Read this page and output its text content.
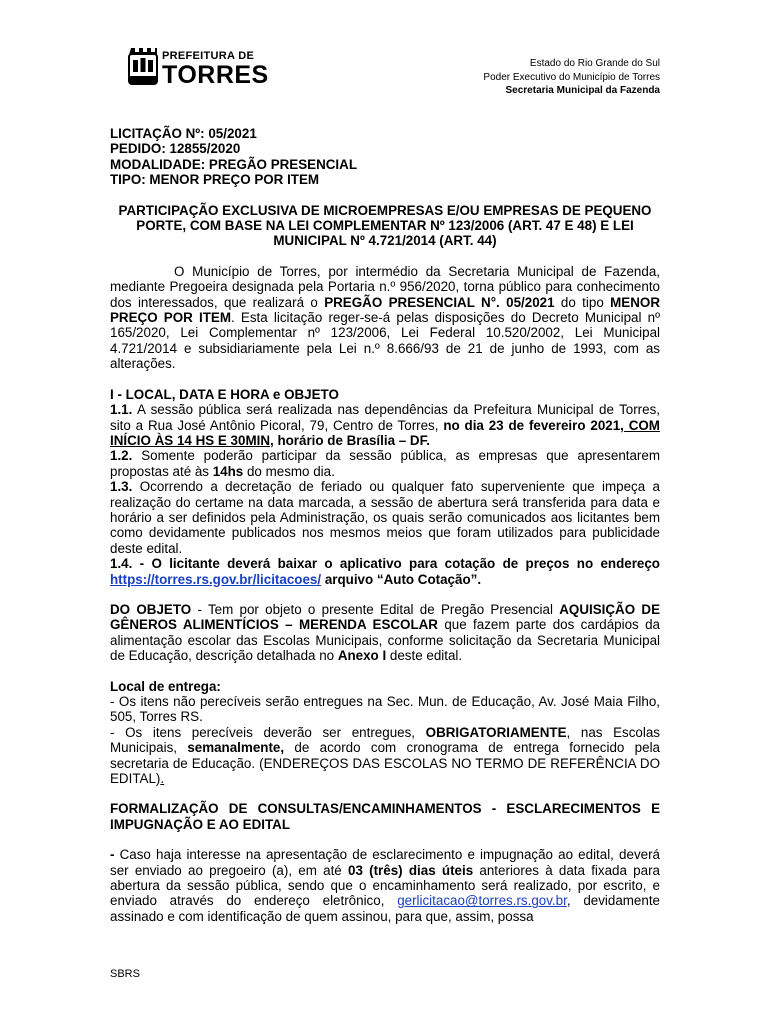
PREFEITURA DE
TORRES	Estado do Rio Grande do Sul
Poder Executivo do Município de Torres
Secretaria Municipal da Fazenda

LICITAÇÃO Nº: 05/2021

PEDIDO: 12855/2020

MODALIDADE: PREGÃO PRESENCIAL

TIPO: MENOR PREÇO POR ITEM

PARTICIPAÇÃO EXCLUSIVA DE MICROEMPRESAS E/OU EMPRESAS DE PEQUENO PORTE, COM BASE NA LEI COMPLEMENTAR Nº 123/2006 (ART. 47 E 48) E LEI MUNICIPAL Nº 4.721/2014 (ART. 44)

O Município de Torres, por intermédio da Secretaria Municipal de Fazenda, mediante Pregoeira designada pela Portaria n.º 956/2020, torna público para conhecimento dos interessados, que realizará o PREGÃO PRESENCIAL N°. 05/2021 do tipo MENOR PREÇO POR ITEM. Esta licitação reger-se-á pelas disposições do Decreto Municipal nº 165/2020, Lei Complementar nº 123/2006, Lei Federal 10.520/2002, Lei Municipal 4.721/2014 e subsidiariamente pela Lei n.º 8.666/93 de 21 de junho de 1993, com as alterações.

I - LOCAL, DATA E HORA e OBJETO

1.1. A sessão pública será realizada nas dependências da Prefeitura Municipal de Torres, sito a Rua José Antônio Picoral, 79, Centro de Torres, no dia 23 de fevereiro 2021, COM INÍCIO ÀS 14 HS E 30MIN, horário de Brasília – DF.

1.2. Somente poderão participar da sessão pública, as empresas que apresentarem propostas até às 14hs do mesmo dia.

1.3. Ocorrendo a decretação de feriado ou qualquer fato superveniente que impeça a realização do certame na data marcada, a sessão de abertura será transferida para data e horário a ser definidos pela Administração, os quais serão comunicados aos licitantes bem como devidamente publicados nos mesmos meios que foram utilizados para publicidade deste edital.

1.4. - O licitante deverá baixar o aplicativo para cotação de preços no endereço https://torres.rs.gov.br/licitacoes/ arquivo “Auto Cotação”.

DO OBJETO - Tem por objeto o presente Edital de Pregão Presencial AQUISIÇÃO DE GÊNEROS ALIMENTÍCIOS – MERENDA ESCOLAR que fazem parte dos cardápios da alimentação escolar das Escolas Municipais, conforme solicitação da Secretaria Municipal de Educação, descrição detalhada no Anexo I deste edital.

Local de entrega:

- Os itens não perecíveis serão entregues na Sec. Mun. de Educação, Av. José Maia Filho, 505, Torres RS.

- Os itens perecíveis deverão ser entregues, OBRIGATORIAMENTE, nas Escolas Municipais, semanalmente, de acordo com cronograma de entrega fornecido pela secretaria de Educação. (ENDEREÇOS DAS ESCOLAS NO TERMO DE REFERÊNCIA DO EDITAL).

FORMALIZAÇÃO DE CONSULTAS/ENCAMINHAMENTOS - ESCLARECIMENTOS E IMPUGNAÇÃO E AO EDITAL

- Caso haja interesse na apresentação de esclarecimento e impugnação ao edital, deverá ser enviado ao pregoeiro (a), em até 03 (três) dias úteis anteriores à data fixada para abertura da sessão pública, sendo que o encaminhamento será realizado, por escrito, e enviado através do endereço eletrônico, gerlicitacao@torres.rs.gov.br, devidamente assinado e com identificação de quem assinou, para que, assim, possa

SBRS
